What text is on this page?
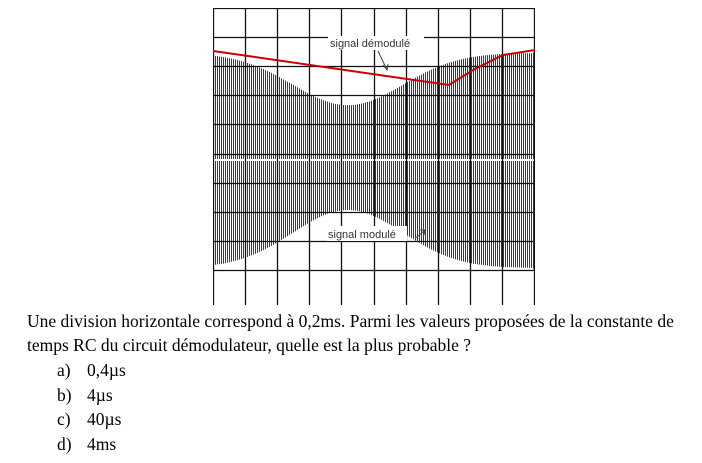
signal démodulé
signal modulé

Une division horizontale correspond à 0,2ms. Parmi les valeurs proposées de la constante de temps RC du circuit démodulateur, quelle est la plus probable ?

a) 0,4µs
b) 4µs
c) 40µs
d) 4ms
